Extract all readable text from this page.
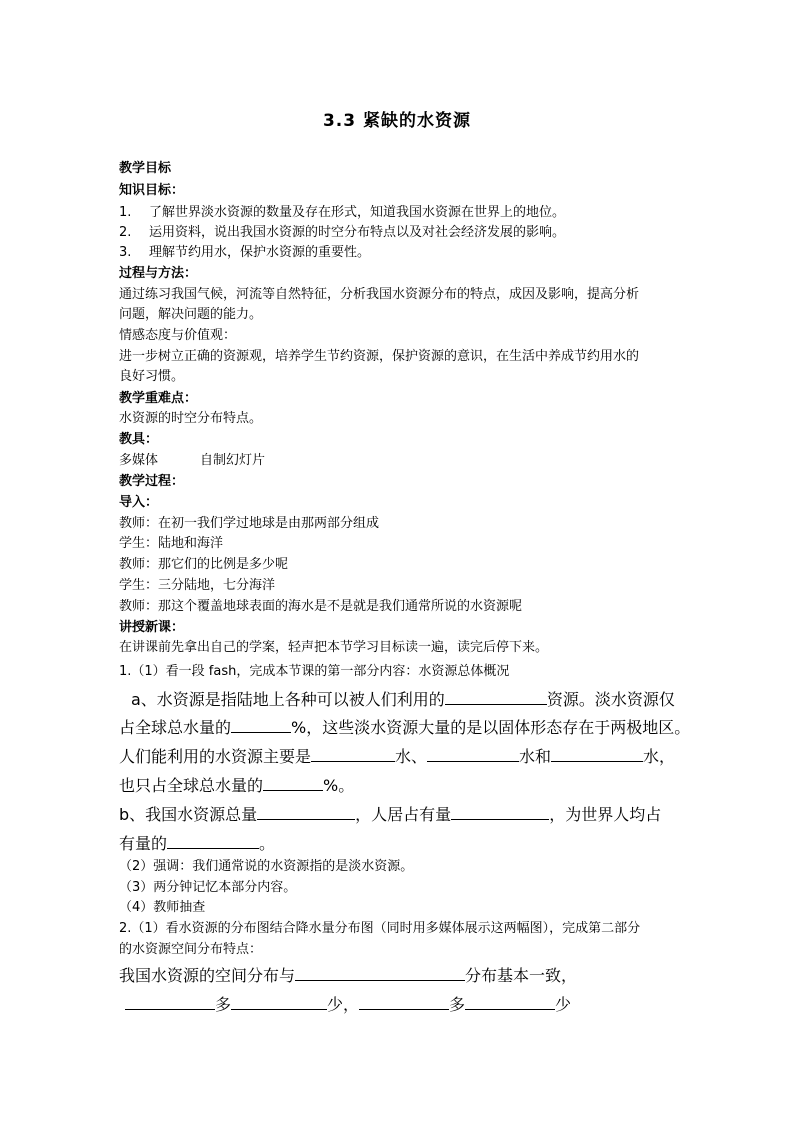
3.3 紧缺的水资源
教学目标
知识目标：
1. 了解世界淡水资源的数量及存在形式，知道我国水资源在世界上的地位。
2. 运用资料，说出我国水资源的时空分布特点以及对社会经济发展的影响。
3. 理解节约用水，保护水资源的重要性。
过程与方法：
通过练习我国气候，河流等自然特征，分析我国水资源分布的特点，成因及影响，提高分析
问题，解决问题的能力。
情感态度与价值观：
进一步树立正确的资源观，培养学生节约资源，保护资源的意识，在生活中养成节约用水的
良好习惯。
教学重难点：
水资源的时空分布特点。
教具：
多媒体	自制幻灯片
教学过程：
导入：
教师：在初一我们学过地球是由那两部分组成
学生：陆地和海洋
教师：那它们的比例是多少呢
学生：三分陆地，七分海洋
教师：那这个覆盖地球表面的海水是不是就是我们通常所说的水资源呢
讲授新课：
在讲课前先拿出自己的学案，轻声把本节学习目标读一遍，读完后停下来。
1.（1）看一段 fash，完成本节课的第一部分内容：水资源总体概况
a、水资源是指陆地上各种可以被人们利用的	资源。淡水资源仅
占全球总水量的	%，这些淡水资源大量的是以固体形态存在于两极地区。
人们能利用的水资源主要是	水、	水和	水，
也只占全球总水量的	%。
b、我国水资源总量	，人居占有量	，为世界人均占
有量的	。
（2）强调：我们通常说的水资源指的是淡水资源。
（3）两分钟记忆本部分内容。
（4）教师抽查
2.（1）看水资源的分布图结合降水量分布图（同时用多媒体展示这两幅图），完成第二部分
的水资源空间分布特点：
我国水资源的空间分布与	分布基本一致，
多	少，	多	少
